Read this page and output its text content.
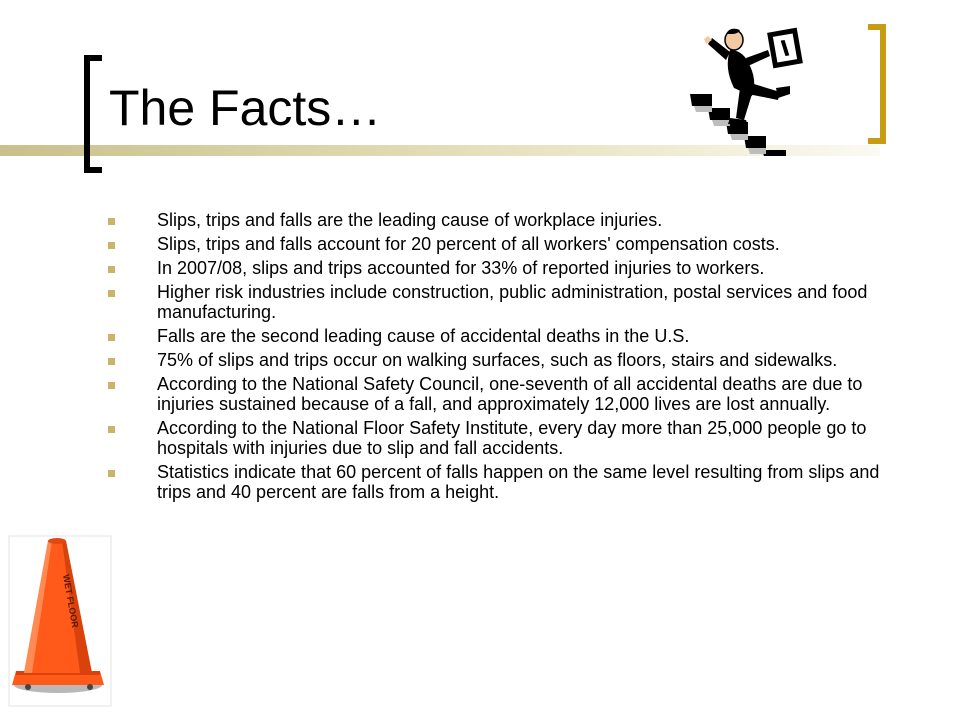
The Facts…
Slips, trips and falls are the leading cause of workplace injuries.
Slips, trips and falls account for 20 percent of all workers' compensation costs.
In 2007/08, slips and trips accounted for 33% of reported injuries to workers.
Higher risk industries include construction, public administration, postal services and food manufacturing.
Falls are the second leading cause of accidental deaths in the U.S.
75% of slips and trips occur on walking surfaces, such as floors, stairs and sidewalks.
According to the National Safety Council, one-seventh of all accidental deaths are due to injuries sustained because of a fall, and approximately 12,000 lives are lost annually.
According to the National Floor Safety Institute, every day more than 25,000 people go to hospitals with injuries due to slip and fall accidents.
Statistics indicate that 60 percent of falls happen on the same level resulting from slips and trips and 40 percent are falls from a height.
WET FLOOR
